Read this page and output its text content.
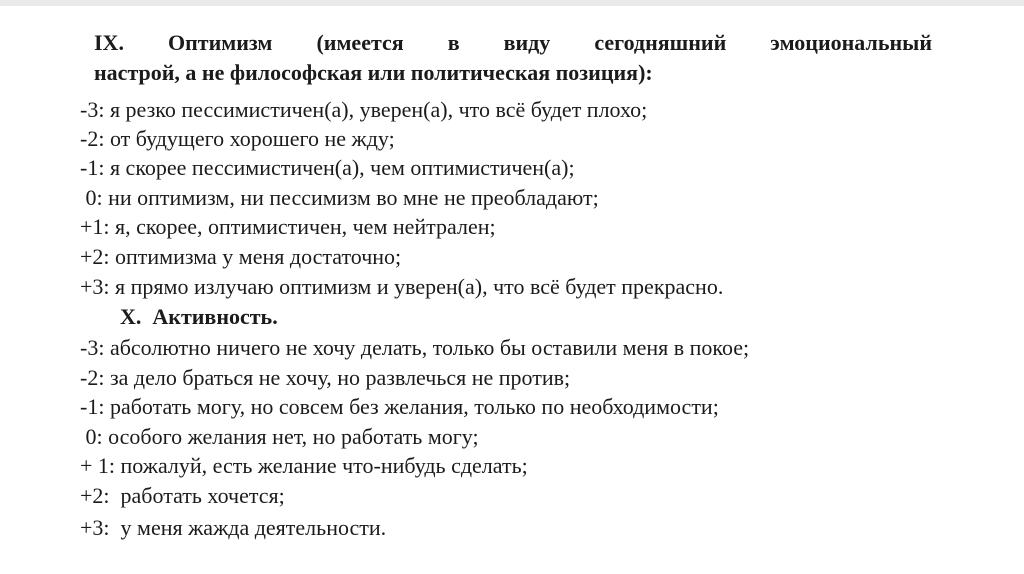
IX. Оптимизм (имеется в виду сегодняшний эмоциональный
настрой, а не философская или политическая позиция):
-3: я резко пессимистичен(а), уверен(а), что всё будет плохо;
-2: от будущего хорошего не жду;
-1: я скорее пессимистичен(а), чем оптимистичен(а);
0: ни оптимизм, ни пессимизм во мне не преобладают;
+1: я, скорее, оптимистичен, чем нейтрален;
+2: оптимизма у меня достаточно;
+3: я прямо излучаю оптимизм и уверен(а), что всё будет прекрасно.
X.  Активность.
-3: абсолютно ничего не хочу делать, только бы оставили меня в покое;
-2: за дело браться не хочу, но развлечься не против;
-1: работать могу, но совсем без желания, только по необходимости;
0: особого желания нет, но работать могу;
+ 1: пожалуй, есть желание что-нибудь сделать;
+2:  работать хочется;
+3:  у меня жажда деятельности.
